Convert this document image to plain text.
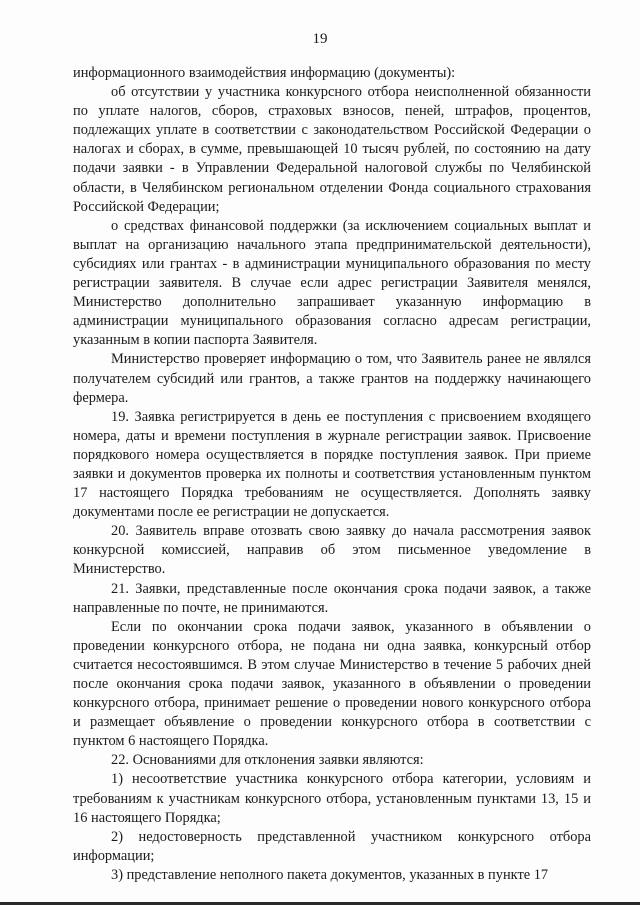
19

информационного взаимодействия информацию (документы):

об отсутствии у участника конкурсного отбора неисполненной обязанности по уплате налогов, сборов, страховых взносов, пеней, штрафов, процентов, подлежащих уплате в соответствии с законодательством Российской Федерации о налогах и сборах, в сумме, превышающей 10 тысяч рублей, по состоянию на дату подачи заявки - в Управлении Федеральной налоговой службы по Челябинской области, в Челябинском региональном отделении Фонда социального страхования Российской Федерации;

о средствах финансовой поддержки (за исключением социальных выплат и выплат на организацию начального этапа предпринимательской деятельности), субсидиях или грантах - в администрации муниципального образования по месту регистрации заявителя. В случае если адрес регистрации Заявителя менялся, Министерство дополнительно запрашивает указанную информацию в администрации муниципального образования согласно адресам регистрации, указанным в копии паспорта Заявителя.

Министерство проверяет информацию о том, что Заявитель ранее не являлся получателем субсидий или грантов, а также грантов на поддержку начинающего фермера.

19. Заявка регистрируется в день ее поступления с присвоением входящего номера, даты и времени поступления в журнале регистрации заявок. Присвоение порядкового номера осуществляется в порядке поступления заявок. При приеме заявки и документов проверка их полноты и соответствия установленным пунктом 17 настоящего Порядка требованиям не осуществляется. Дополнять заявку документами после ее регистрации не допускается.

20. Заявитель вправе отозвать свою заявку до начала рассмотрения заявок конкурсной комиссией, направив об этом письменное уведомление в Министерство.

21. Заявки, представленные после окончания срока подачи заявок, а также направленные по почте, не принимаются.

Если по окончании срока подачи заявок, указанного в объявлении о проведении конкурсного отбора, не подана ни одна заявка, конкурсный отбор считается несостоявшимся. В этом случае Министерство в течение 5 рабочих дней после окончания срока подачи заявок, указанного в объявлении о проведении конкурсного отбора, принимает решение о проведении нового конкурсного отбора и размещает объявление о проведении конкурсного отбора в соответствии с пунктом 6 настоящего Порядка.

22. Основаниями для отклонения заявки являются:

1) несоответствие участника конкурсного отбора категории, условиям и требованиям к участникам конкурсного отбора, установленным пунктами 13, 15 и 16 настоящего Порядка;

2) недостоверность представленной участником конкурсного отбора информации;

3) представление неполного пакета документов, указанных в пункте 17
